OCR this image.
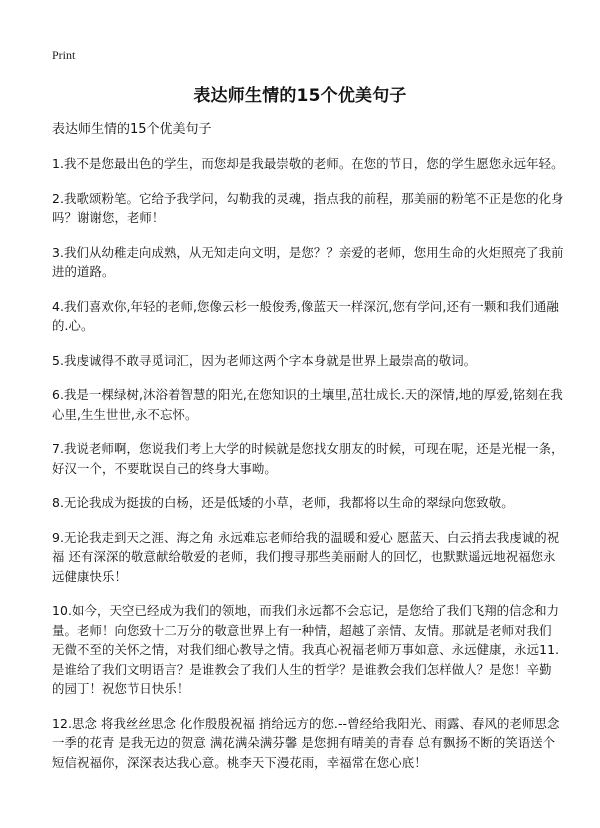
Print
表达师生情的15个优美句子
表达师生情的15个优美句子

1.我不是您最出色的学生，而您却是我最崇敬的老师。在您的节日，您的学生愿您永远年轻。

2.我歌颂粉笔。它给予我学问，勾勒我的灵魂，指点我的前程，那美丽的粉笔不正是您的化身吗？谢谢您，老师！

3.我们从幼稚走向成熟，从无知走向文明，是您？？亲爱的老师，您用生命的火炬照亮了我前进的道路。

4.我们喜欢你,年轻的老师,您像云杉一般俊秀,像蓝天一样深沉,您有学问,还有一颗和我们通融的.心。

5.我虔诚得不敢寻觅词汇，因为老师这两个字本身就是世界上最崇高的敬词。

6.我是一棵绿树,沐浴着智慧的阳光,在您知识的土壤里,茁壮成长.天的深情,地的厚爱,铭刻在我心里,生生世世,永不忘怀。

7.我说老师啊，您说我们考上大学的时候就是您找女朋友的时候，可现在呢，还是光棍一条，好汉一个，不要耽误自己的终身大事呦。

8.无论我成为挺拔的白杨，还是低矮的小草，老师，我都将以生命的翠绿向您致敬。

9.无论我走到天之涯、海之角 永远难忘老师给我的温暖和爱心 愿蓝天、白云捎去我虔诚的祝福 还有深深的敬意献给敬爱的老师，我们搜寻那些美丽耐人的回忆，也默默遥远地祝福您永远健康快乐！

10.如今，天空已经成为我们的领地，而我们永远都不会忘记，是您给了我们飞翔的信念和力量。老师！向您致十二万分的敬意世界上有一种情，超越了亲情、友情。那就是老师对我们无微不至的关怀之情，对我们细心教导之情。我真心祝福老师万事如意、永远健康，永远11.是谁给了我们文明语言？是谁教会了我们人生的哲学？是谁教会我们怎样做人？是您！辛勤的园丁！祝您节日快乐！

12.思念 将我丝丝思念 化作殷殷祝福 捎给远方的您.--曾经给我阳光、雨露、春风的老师思念一季的花青 是我无边的贺意 满花满朵满芬馨 是您拥有晴美的青春 总有飘扬不断的笑语送个短信祝福你，深深表达我心意。桃李天下漫花雨，幸福常在您心底！
